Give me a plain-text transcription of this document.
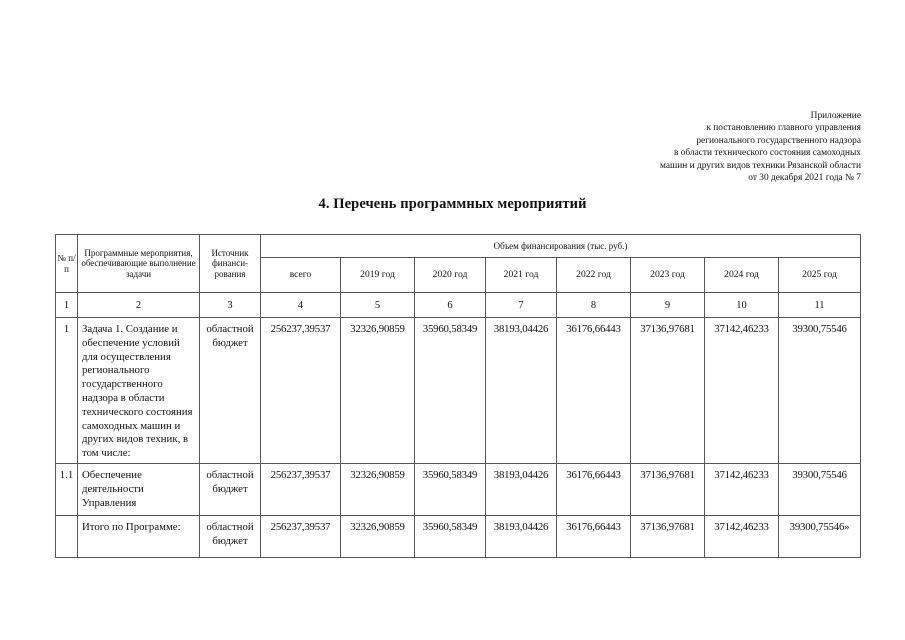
Приложение
к постановлению главного управления
регионального государственного надзора
в области технического состояния самоходных
машин и других видов техники Рязанской области
от 30 декабря 2021 года № 7
4. Перечень программных мероприятий
№ п/п	Программные мероприятия, обеспечивающие выполнение задачи	Источник финанси-рования	Объем финансирования (тыс. руб.)							
			всего	2019 год	2020 год	2021 год	2022 год	2023 год	2024 год	2025 год
1	2	3	4	5	6	7	8	9	10	11
1	Задача 1. Создание и обеспечение условий для осуществления регионального государственного надзора в области технического состояния самоходных машин и других видов техник, в том числе:	областной бюджет	256237,39537	32326,90859	35960,58349	38193,04426	36176,66443	37136,97681	37142,46233	39300,75546
1.1	Обеспечение деятельности Управления	областной бюджет	256237,39537	32326,90859	35960,58349	38193,04426	36176,66443	37136,97681	37142,46233	39300,75546
	Итого по Программе:	областной бюджет	256237,39537	32326,90859	35960,58349	38193,04426	36176,66443	37136,97681	37142,46233	39300,75546»
